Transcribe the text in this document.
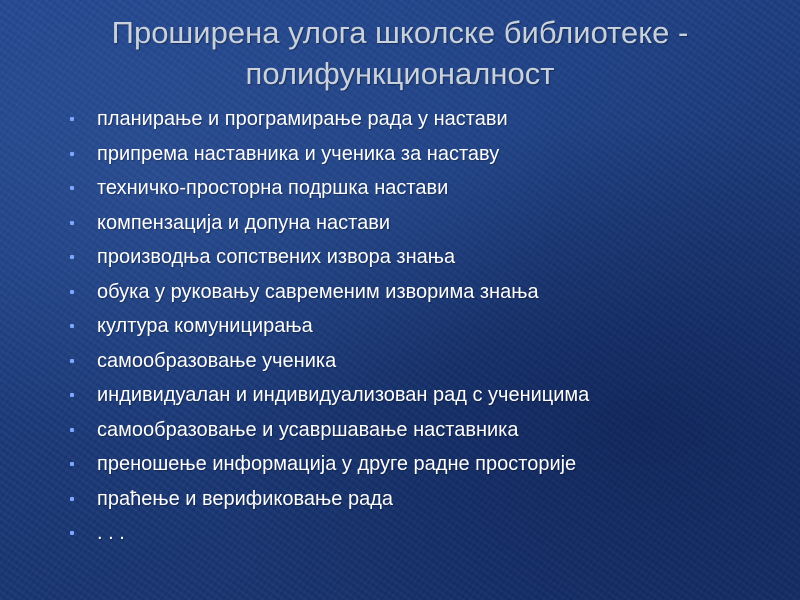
Проширена улога школске библиотеке -
полифункционалност
планирање и програмирање рада у настави
припрема наставника и ученика за наставу
техничко-просторна подршка настави
компензација и допуна настави
производња сопствених извора знања
обука у руковању савременим изворима знања
култура комуницирања
самообразовање ученика
индивидуалан и индивидуализован рад с ученицима
самообразовање и усавршавање наставника
преношење информација у друге радне просторије
праћење и верификовање рада
. . .
